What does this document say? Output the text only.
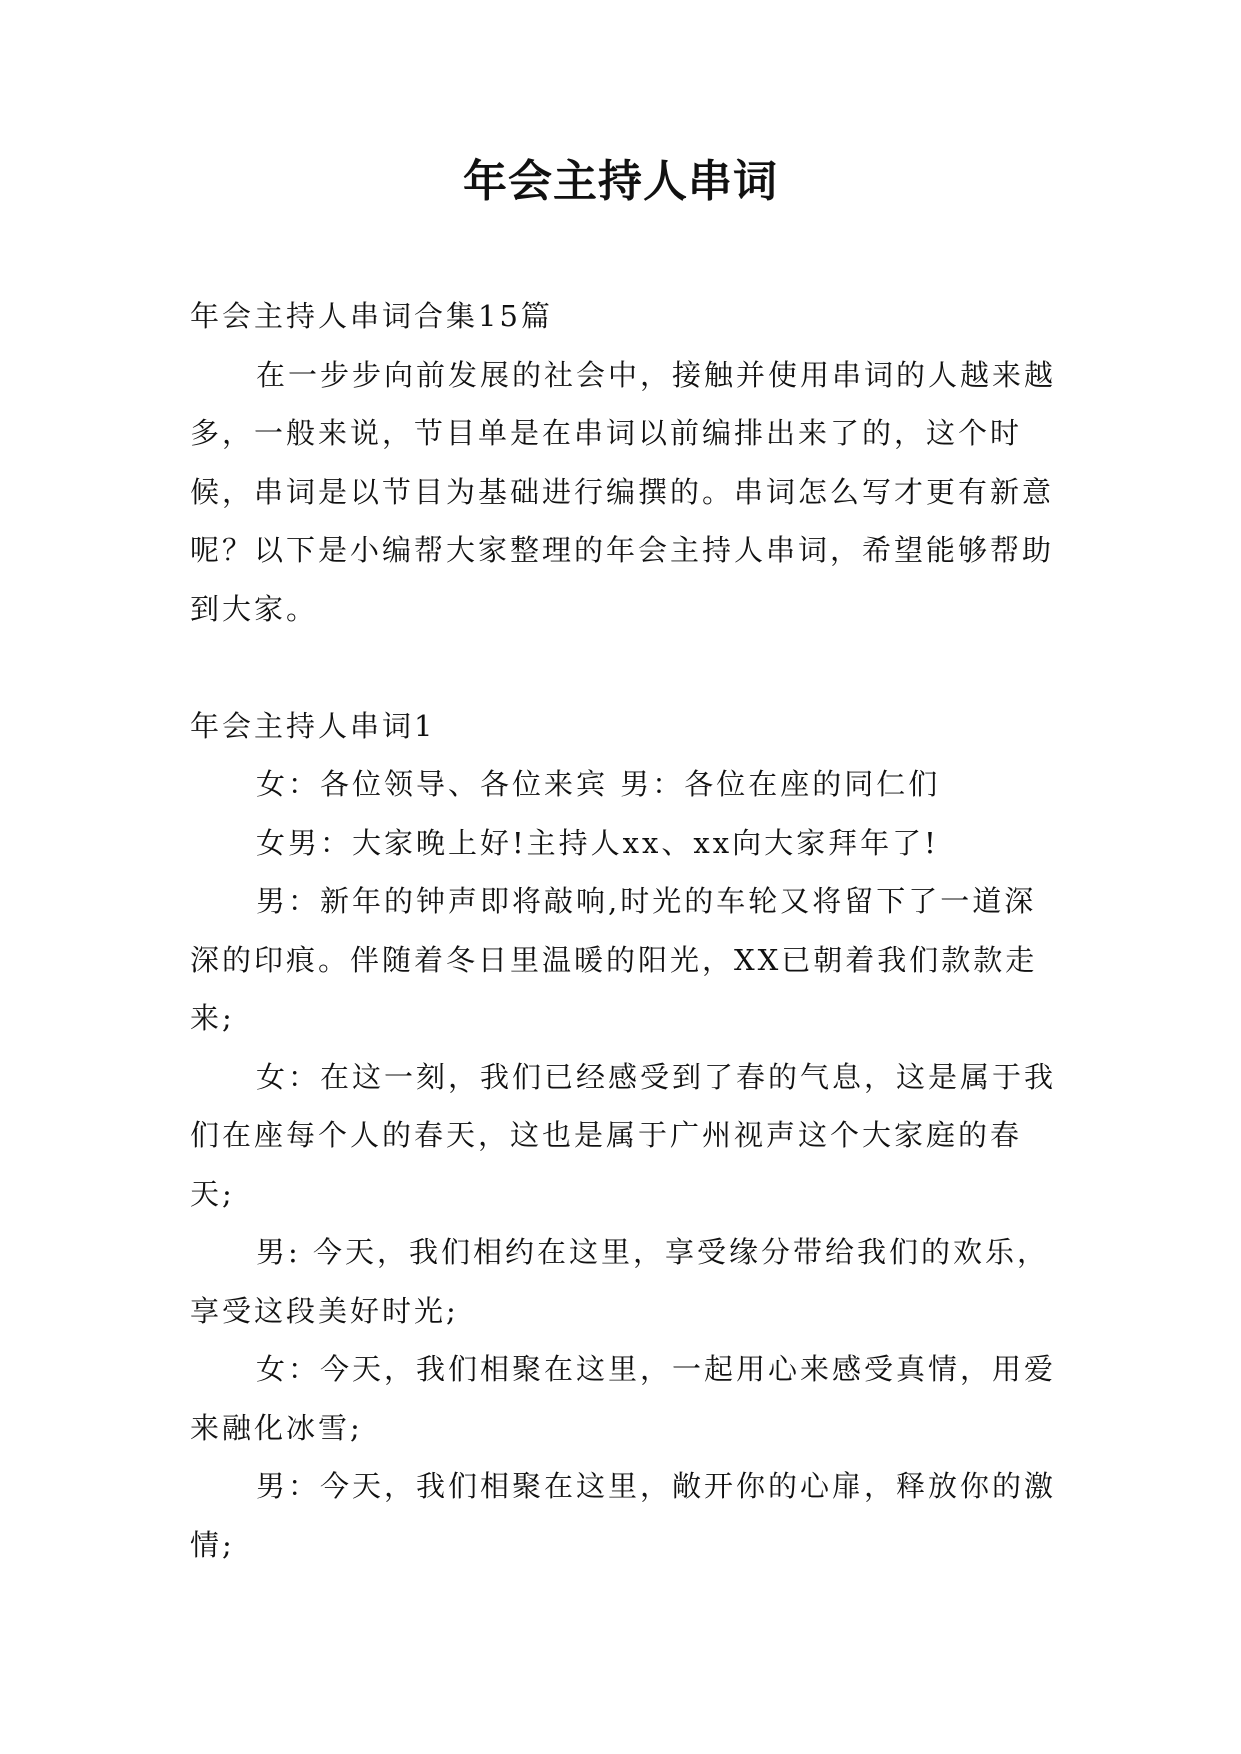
年会主持人串词

年会主持人串词合集15篇

在一步步向前发展的社会中，接触并使用串词的人越来越多，一般来说，节目单是在串词以前编排出来了的，这个时候，串词是以节目为基础进行编撰的。串词怎么写才更有新意呢？以下是小编帮大家整理的年会主持人串词，希望能够帮助到大家。

年会主持人串词1

女：各位领导、各位来宾 男：各位在座的同仁们

女男：大家晚上好!主持人xx、xx向大家拜年了!

男：新年的钟声即将敲响,时光的车轮又将留下了一道深深的印痕。伴随着冬日里温暖的阳光，XX已朝着我们款款走来;

女：在这一刻，我们已经感受到了春的气息，这是属于我们在座每个人的春天，这也是属于广州视声这个大家庭的春天;

男: 今天，我们相约在这里，享受缘分带给我们的欢乐，享受这段美好时光;

女：今天，我们相聚在这里，一起用心来感受真情，用爱来融化冰雪;

男：今天，我们相聚在这里，敞开你的心扉，释放你的激情;
